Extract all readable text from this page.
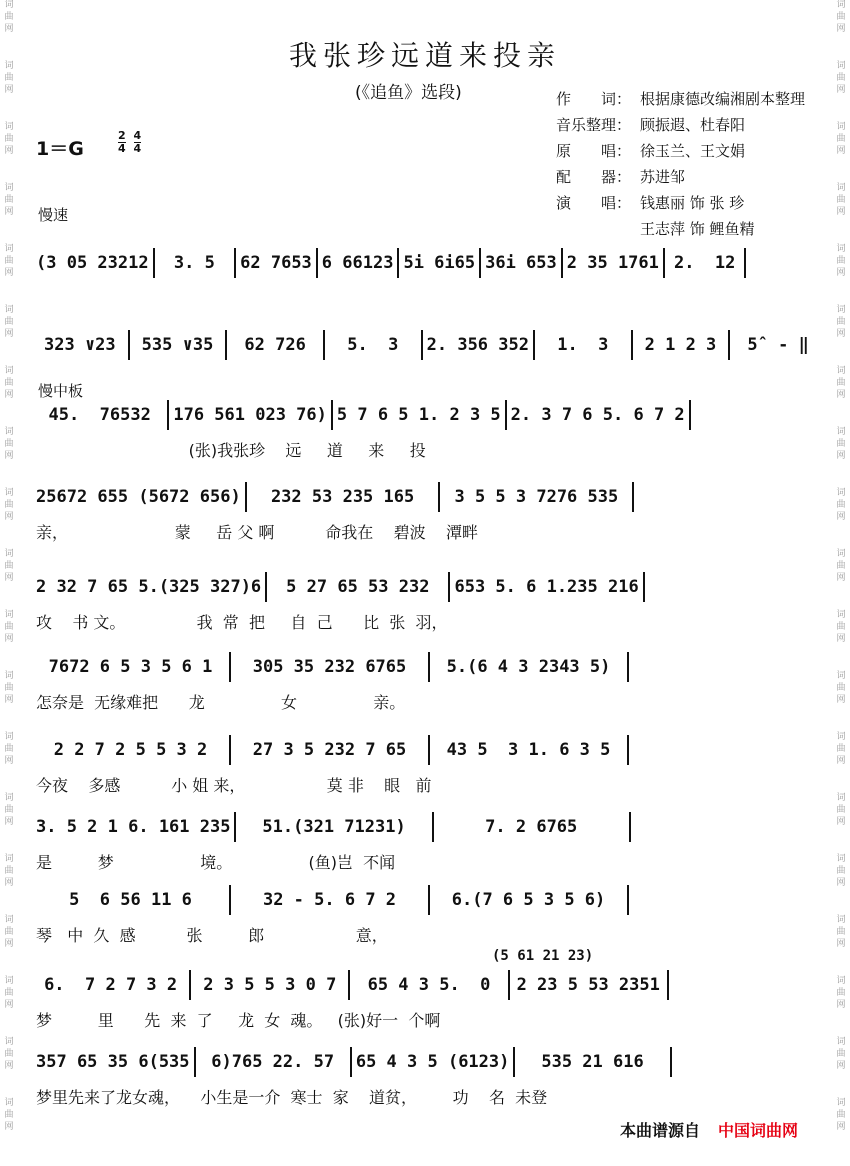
词
曲
网
词
曲
网
词
曲
网
词
曲
网
词
曲
网
词
曲
网
词
曲
网
词
曲
网
词
曲
网
词
曲
网
词
曲
网
词
曲
网
词
曲
网
词
曲
网
词
曲
网
词
曲
网
词
曲
网
词
曲
网
词
曲
网
词
曲
网
词
曲
网
词
曲
网
词
曲
网
词
曲
网
词
曲
网
词
曲
网
词
曲
网
词
曲
网
词
曲
网
词
曲
网
词
曲
网
词
曲
网
词
曲
网
词
曲
网
词
曲
网
词
曲
网
词
曲
网
词
曲
网
我张珍远道来投亲
(《追鱼》选段)	作　　词： 根据康德改编湘剧本整理
音乐整理： 顾振遐、杜春阳
原　　唱： 徐玉兰、王文娟
配　　器： 苏进邹
演　　唱： 钱惠丽 饰 张 珍
王志萍 饰 鲤鱼精
1＝G	$\frac{2}{4} \frac{4}{4}$
慢速
慢中板
(3 05 23212	3. 5	62 7653 6 66123 5i 6i65 36i 653 2 35 1761 2.  12
323 ∨23	535 ∨35	62 726	5.  3	2. 356 352	1.  3	2 1 2 3	5̂  - ‖
45.  76532	176 561 023 76) 5 7 6 5 1. 2 3 5 2. 3 7 6 5. 6 7 2
(张)我张珍    远     道     来     投
25672 655 (5672 656)	232 53 235 165	3 5 5 3 7276 535
亲，                     蒙     岳 父 啊          命我在    碧波    潭畔
2 32 7 65 5.(325 327)6	5 27 65 53 232	653 5. 6 1.235 216
攻    书 文。              我  常  把     自  己      比  张  羽，
7672 6 5 3 5 6 1	305 35 232 6765	5.(6 4 3 2343 5)
怎奈是  无缘难把      龙               女               亲。
2 2 7 2 5 5 3 2	27 3 5 232 7 65	43 5  3 1. 6 3 5
今夜    多感          小 姐 来，                莫 非    眼   前
3. 5 2 1 6. 161 235	51.(321 71231)	7. 2 6765
是         梦                 境。               (鱼)岂  不闻
5  6 56 11 6	32 - 5. 6 7 2	6.(7 6 5 3 5 6)
琴   中  久  感          张         郎                  意，
6.  7 2 7 3 2	2 3 5 5 3 0 7	65 4 3 5.  0	2 23 5 53 2351
梦         里      先  来  了     龙  女  魂。   (张)好一  个啊
357 65 35 6(535	6)765 22. 57	65 4 3 5 (6123)	535 21 616
梦里先来了龙女魂，    小生是一介  寒士  家    道贫，       功    名  未登
(5 61 21 23)
本曲谱源自 中国词曲网
